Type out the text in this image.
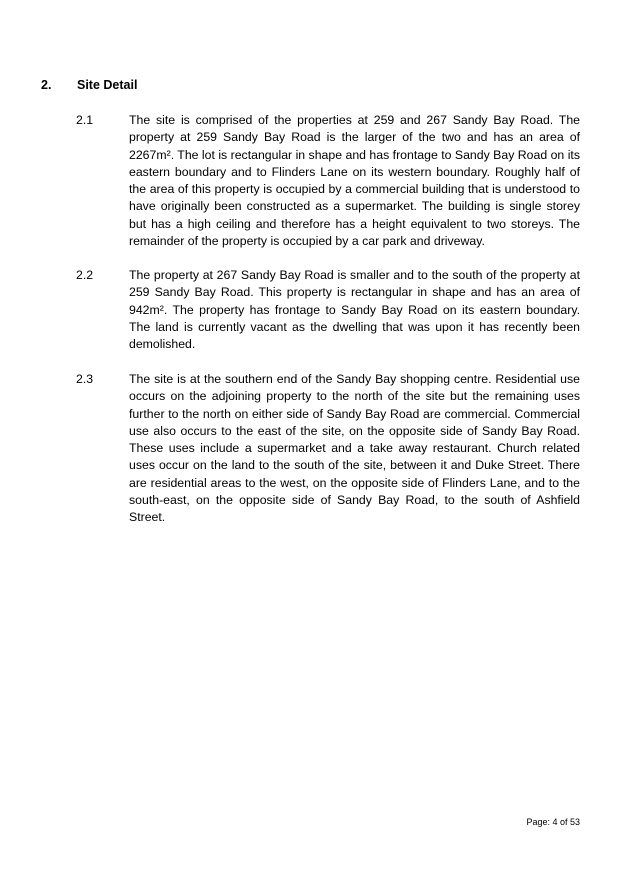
2. Site Detail
2.1	The site is comprised of the properties at 259 and 267 Sandy Bay Road. The property at 259 Sandy Bay Road is the larger of the two and has an area of 2267m². The lot is rectangular in shape and has frontage to Sandy Bay Road on its eastern boundary and to Flinders Lane on its western boundary. Roughly half of the area of this property is occupied by a commercial building that is understood to have originally been constructed as a supermarket. The building is single storey but has a high ceiling and therefore has a height equivalent to two storeys. The remainder of the property is occupied by a car park and driveway.
2.2	The property at 267 Sandy Bay Road is smaller and to the south of the property at 259 Sandy Bay Road. This property is rectangular in shape and has an area of 942m². The property has frontage to Sandy Bay Road on its eastern boundary. The land is currently vacant as the dwelling that was upon it has recently been demolished.
2.3	The site is at the southern end of the Sandy Bay shopping centre. Residential use occurs on the adjoining property to the north of the site but the remaining uses further to the north on either side of Sandy Bay Road are commercial. Commercial use also occurs to the east of the site, on the opposite side of Sandy Bay Road. These uses include a supermarket and a take away restaurant. Church related uses occur on the land to the south of the site, between it and Duke Street. There are residential areas to the west, on the opposite side of Flinders Lane, and to the south-east, on the opposite side of Sandy Bay Road, to the south of Ashfield Street.
Page: 4 of 53
